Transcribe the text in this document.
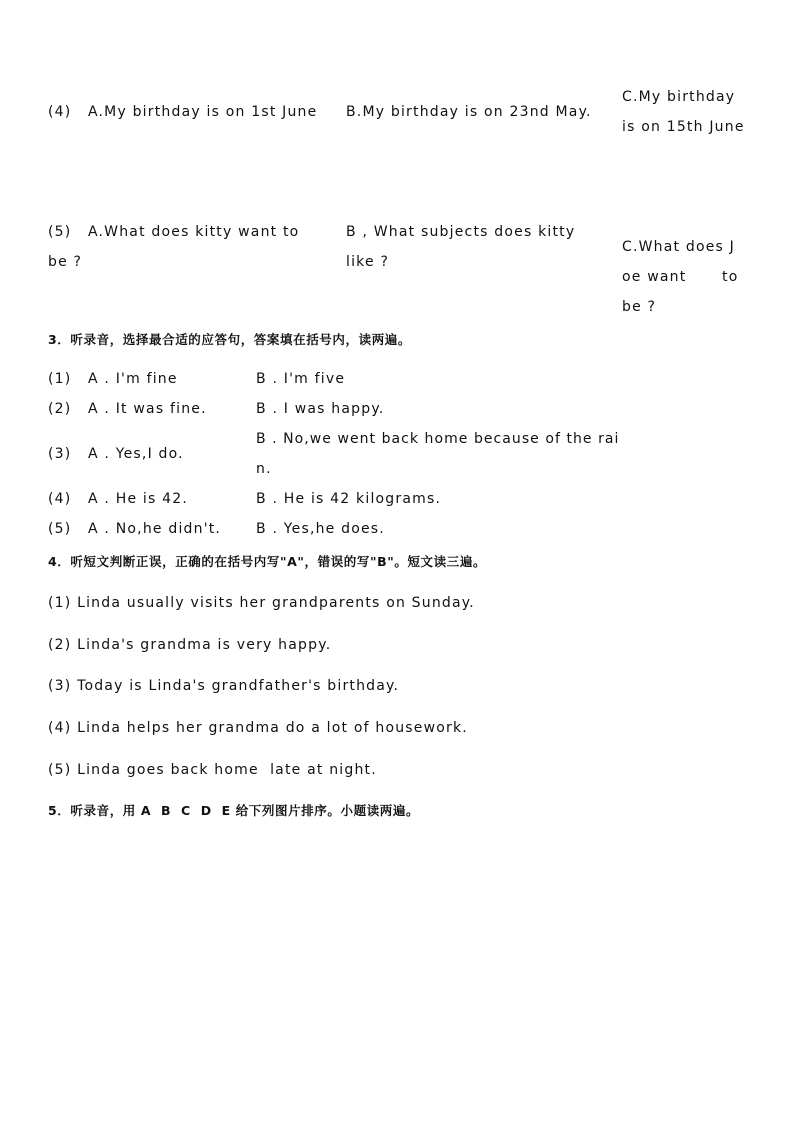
(4) A.My birthday is on 1st June B.My birthday is on 23nd May.
C.My birthday
is on 15th June
(5) A.What does kitty want to
be ?
B , What subjects does kitty
like ?
C.What does J
oe want	to
be ?
3．听录音，选择最合适的应答句，答案填在括号内，读两遍。
(1) A . I'm fine	B . I'm five
(2) A . It was fine.	B . I was happy.
(3) A . Yes,I do.
B . No,we went back home because of the rai
n.
(4) A . He is 42.	B . He is 42 kilograms.
(5) A . No,he didn't. B . Yes,he does.
4．听短文判断正误，正确的在括号内写"A"，错误的写"B"。短文读三遍。
(1) Linda usually visits her grandparents on Sunday.
(2) Linda's grandma is very happy.
(3) Today is Linda's grandfather's birthday.
(4) Linda helps her grandma do a lot of housework.
(5) Linda goes back home  late at night.
5．听录音，用 A  B  C  D  E 给下列图片排序。小题读两遍。
